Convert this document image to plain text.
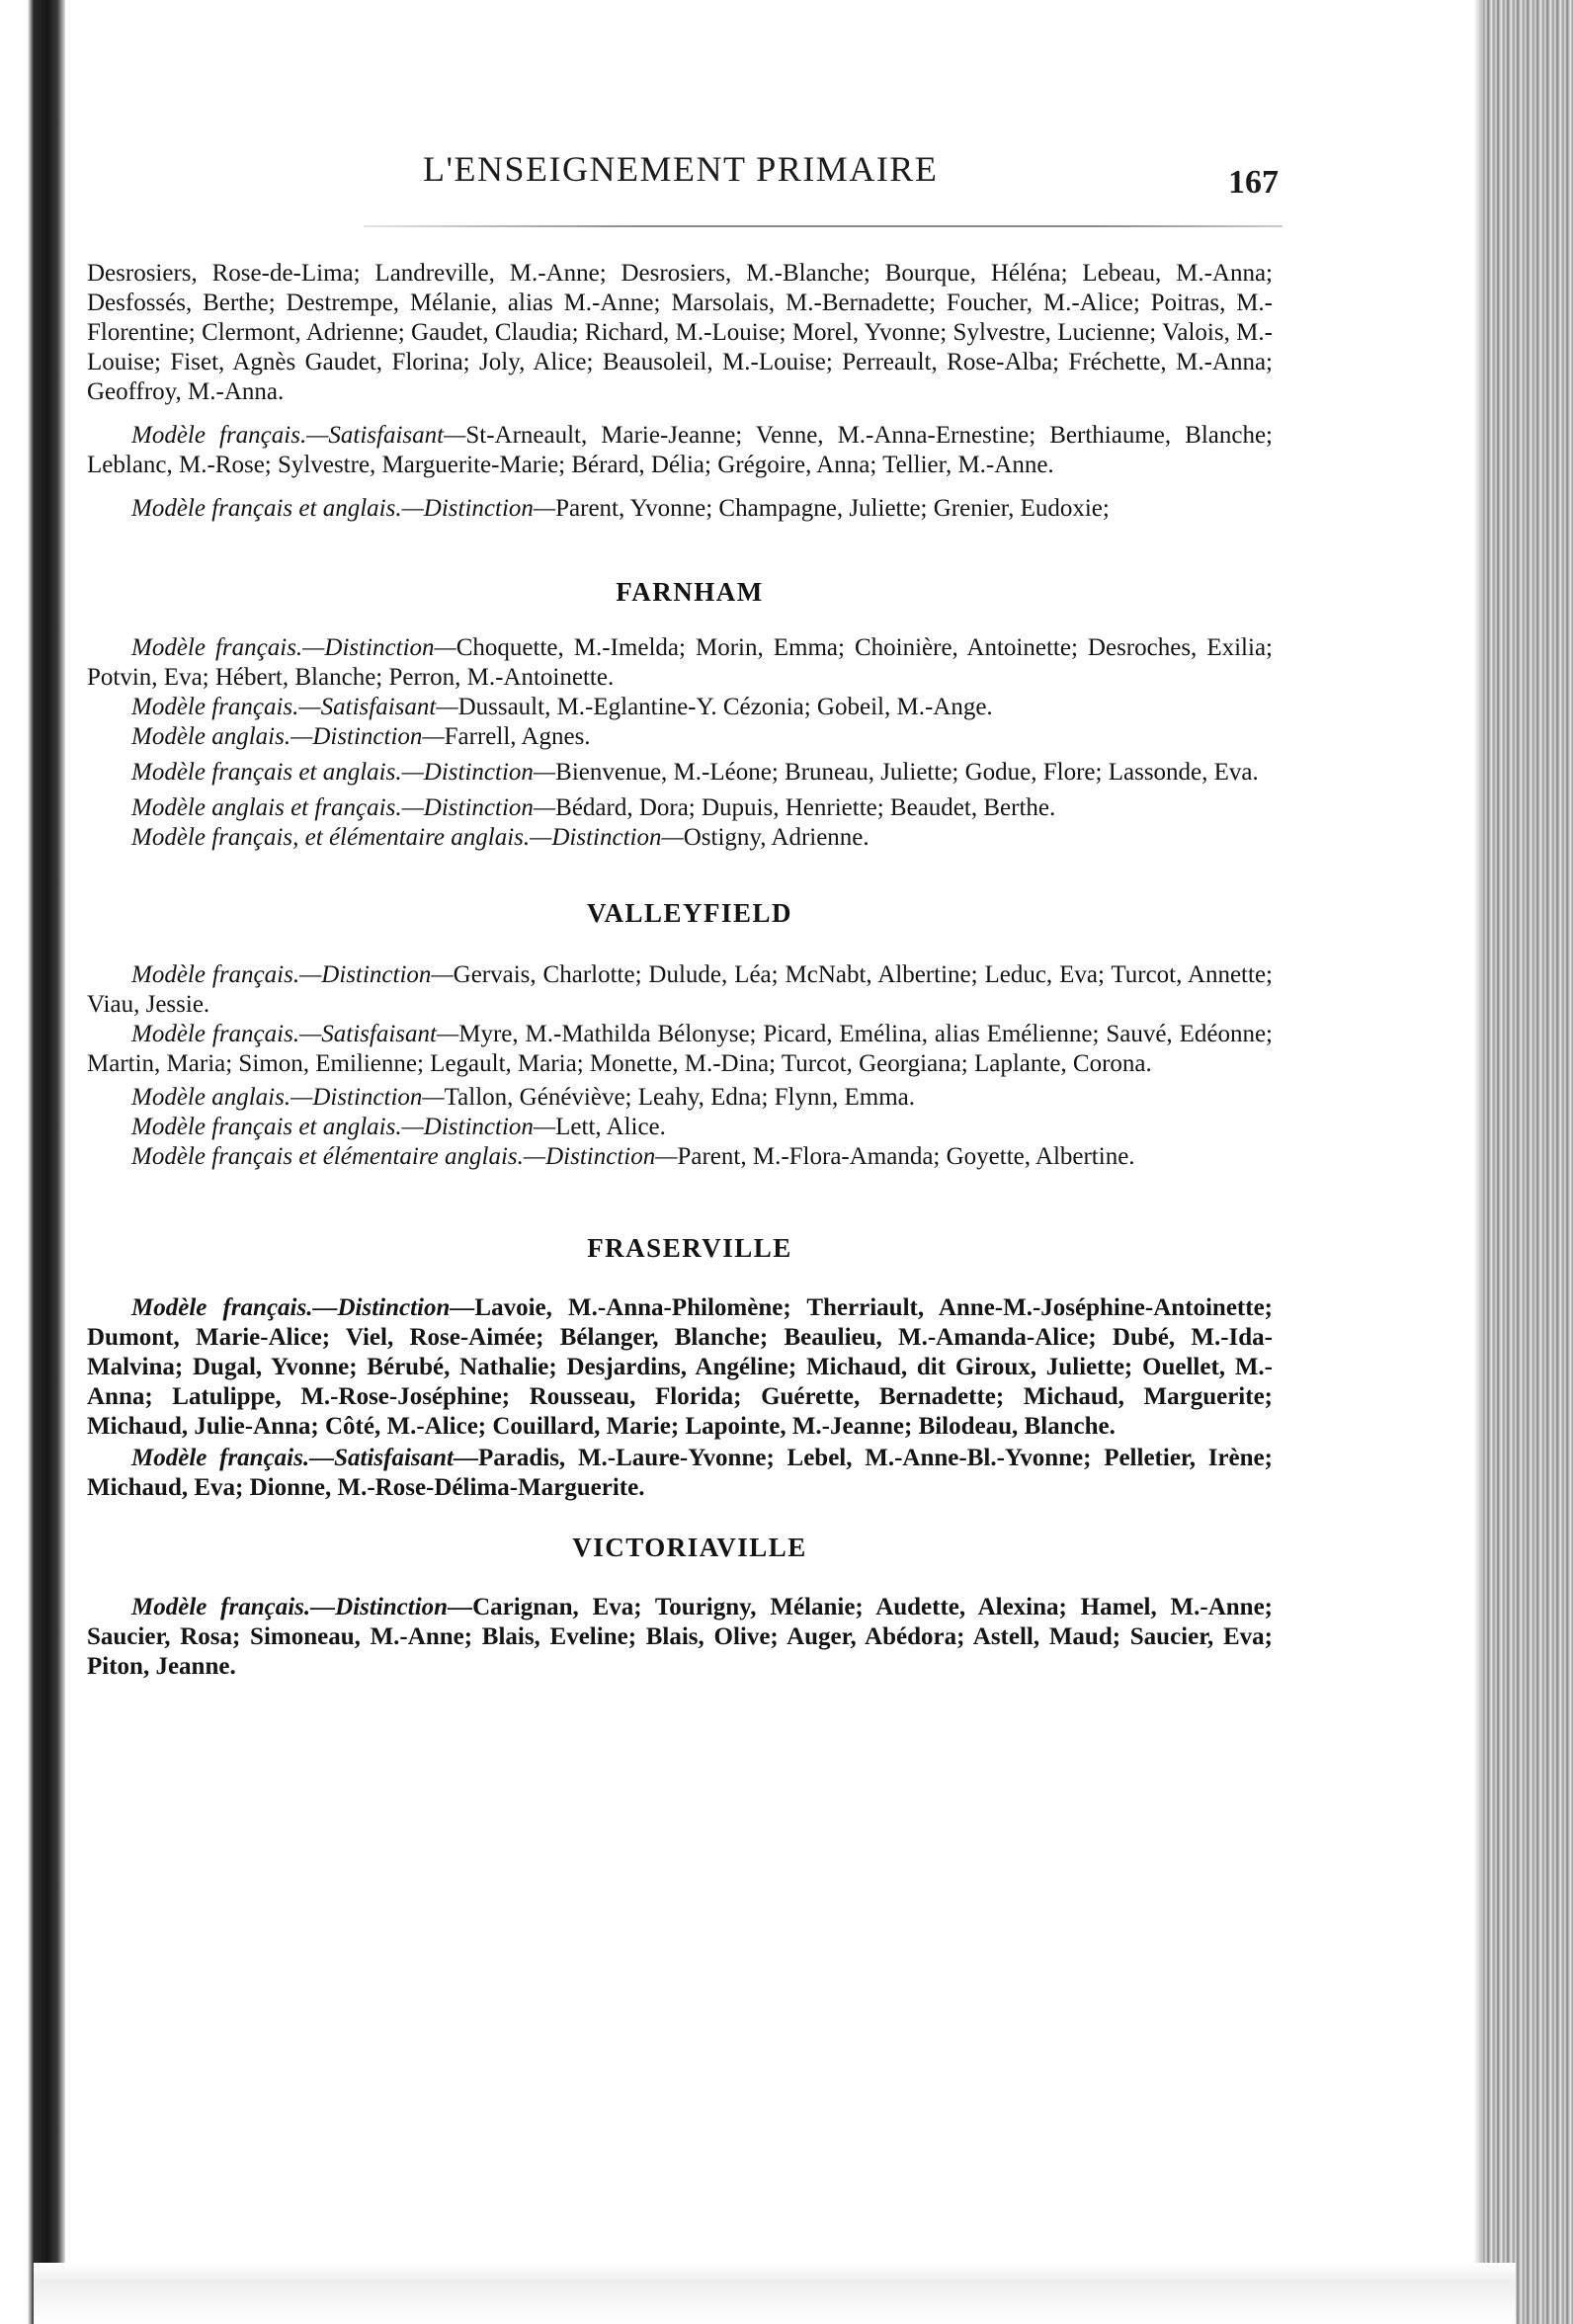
L'ENSEIGNEMENT PRIMAIRE	167

Desrosiers, Rose-de-Lima; Landreville, M.-Anne; Desrosiers, M.-Blanche; Bourque, Héléna; Lebeau, M.-Anna; Desfossés, Berthe; Destrempe, Mélanie, alias M.-Anne; Marsolais, M.-Bernadette; Foucher, M.-Alice; Poitras, M.-Florentine; Clermont, Adrienne; Gaudet, Claudia; Richard, M.-Louise; Morel, Yvonne; Sylvestre, Lucienne; Valois, M.-Louise; Fiset, Agnès Gaudet, Florina; Joly, Alice; Beausoleil, M.-Louise; Perreault, Rose-Alba; Fréchette, M.-Anna; Geoffroy, M.-Anna.

Modèle français.—Satisfaisant—St-Arneault, Marie-Jeanne; Venne, M.-Anna-Ernestine; Berthiaume, Blanche; Leblanc, M.-Rose; Sylvestre, Marguerite-Marie; Bérard, Délia; Grégoire, Anna; Tellier, M.-Anne.

Modèle français et anglais.—Distinction—Parent, Yvonne; Champagne, Juliette; Grenier, Eudoxie;

FARNHAM

Modèle français.—Distinction—Choquette, M.-Imelda; Morin, Emma; Choinière, Antoinette; Desroches, Exilia; Potvin, Eva; Hébert, Blanche; Perron, M.-Antoinette.

Modèle français.—Satisfaisant—Dussault, M.-Eglantine-Y. Cézonia; Gobeil, M.-Ange.

Modèle anglais.—Distinction—Farrell, Agnes.

Modèle français et anglais.—Distinction—Bienvenue, M.-Léone; Bruneau, Juliette; Godue, Flore; Lassonde, Eva.

Modèle anglais et français.—Distinction—Bédard, Dora; Dupuis, Henriette; Beaudet, Berthe.

Modèle français, et élémentaire anglais.—Distinction—Ostigny, Adrienne.

VALLEYFIELD

Modèle français.—Distinction—Gervais, Charlotte; Dulude, Léa; McNabt, Albertine; Leduc, Eva; Turcot, Annette; Viau, Jessie.

Modèle français.—Satisfaisant—Myre, M.-Mathilda Bélonyse; Picard, Emélina, alias Emélienne; Sauvé, Edéonne; Martin, Maria; Simon, Emilienne; Legault, Maria; Monette, M.-Dina; Turcot, Georgiana; Laplante, Corona.

Modèle anglais.—Distinction—Tallon, Généviève; Leahy, Edna; Flynn, Emma.

Modèle français et anglais.—Distinction—Lett, Alice.

Modèle français et élémentaire anglais.—Distinction—Parent, M.-Flora-Amanda; Goyette, Albertine.

FRASERVILLE

Modèle français.—Distinction—Lavoie, M.-Anna-Philomène; Therriault, Anne-M.-Joséphine-Antoinette; Dumont, Marie-Alice; Viel, Rose-Aimée; Bélanger, Blanche; Beaulieu, M.-Amanda-Alice; Dubé, M.-Ida-Malvina; Dugal, Yvonne; Bérubé, Nathalie; Desjardins, Angéline; Michaud, dit Giroux, Juliette; Ouellet, M.-Anna; Latulippe, M.-Rose-Joséphine; Rousseau, Florida; Guérette, Bernadette; Michaud, Marguerite; Michaud, Julie-Anna; Côté, M.-Alice; Couillard, Marie; Lapointe, M.-Jeanne; Bilodeau, Blanche.

Modèle français.—Satisfaisant—Paradis, M.-Laure-Yvonne; Lebel, M.-Anne-Bl.-Yvonne; Pelletier, Irène; Michaud, Eva; Dionne, M.-Rose-Délima-Marguerite.

VICTORIAVILLE

Modèle français.—Distinction—Carignan, Eva; Tourigny, Mélanie; Audette, Alexina; Hamel, M.-Anne; Saucier, Rosa; Simoneau, M.-Anne; Blais, Eveline; Blais, Olive; Auger, Abédora; Astell, Maud; Saucier, Eva; Piton, Jeanne.
